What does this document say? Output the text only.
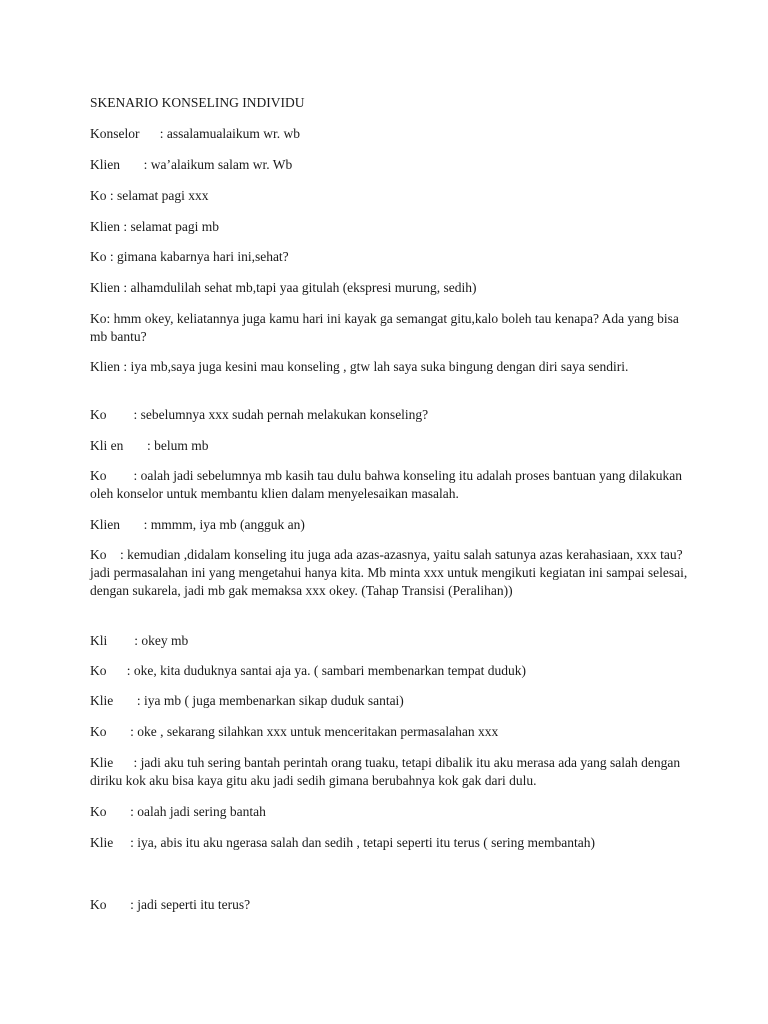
SKENARIO KONSELING INDIVIDU
Konselor : assalamualaikum wr. wb
Klien : wa’alaikum salam wr. Wb
Ko : selamat pagi xxx
Klien : selamat pagi mb
Ko : gimana kabarnya hari ini,sehat?
Klien : alhamdulilah sehat mb,tapi yaa gitulah (ekspresi murung, sedih)
Ko: hmm okey, keliatannya juga kamu hari ini kayak ga semangat gitu,kalo boleh tau kenapa? Ada yang bisa mb bantu?
Klien : iya mb,saya juga kesini mau konseling , gtw lah saya suka bingung dengan diri saya sendiri.
Ko : sebelumnya xxx sudah pernah melakukan konseling?
Kli en : belum mb
Ko : oalah jadi sebelumnya mb kasih tau dulu bahwa konseling itu adalah proses bantuan yang dilakukan oleh konselor untuk membantu klien dalam menyelesaikan masalah.
Klien : mmmm, iya mb (angguk an)
Ko : kemudian ,didalam konseling itu juga ada azas-azasnya, yaitu salah satunya azas kerahasiaan, xxx tau? jadi permasalahan ini yang mengetahui hanya kita. Mb minta xxx untuk mengikuti kegiatan ini sampai selesai, dengan sukarela, jadi mb gak memaksa xxx okey. (Tahap Transisi (Peralihan))
Kli : okey mb
Ko : oke, kita duduknya santai aja ya. ( sambari membenarkan tempat duduk)
Klie : iya mb ( juga membenarkan sikap duduk santai)
Ko : oke , sekarang silahkan xxx untuk menceritakan permasalahan xxx
Klie : jadi aku tuh sering bantah perintah orang tuaku, tetapi dibalik itu aku merasa ada yang salah dengan diriku kok aku bisa kaya gitu aku jadi sedih gimana berubahnya kok gak dari dulu.
Ko : oalah jadi sering bantah
Klie : iya, abis itu aku ngerasa salah dan sedih , tetapi seperti itu terus ( sering membantah)
Ko : jadi seperti itu terus?
